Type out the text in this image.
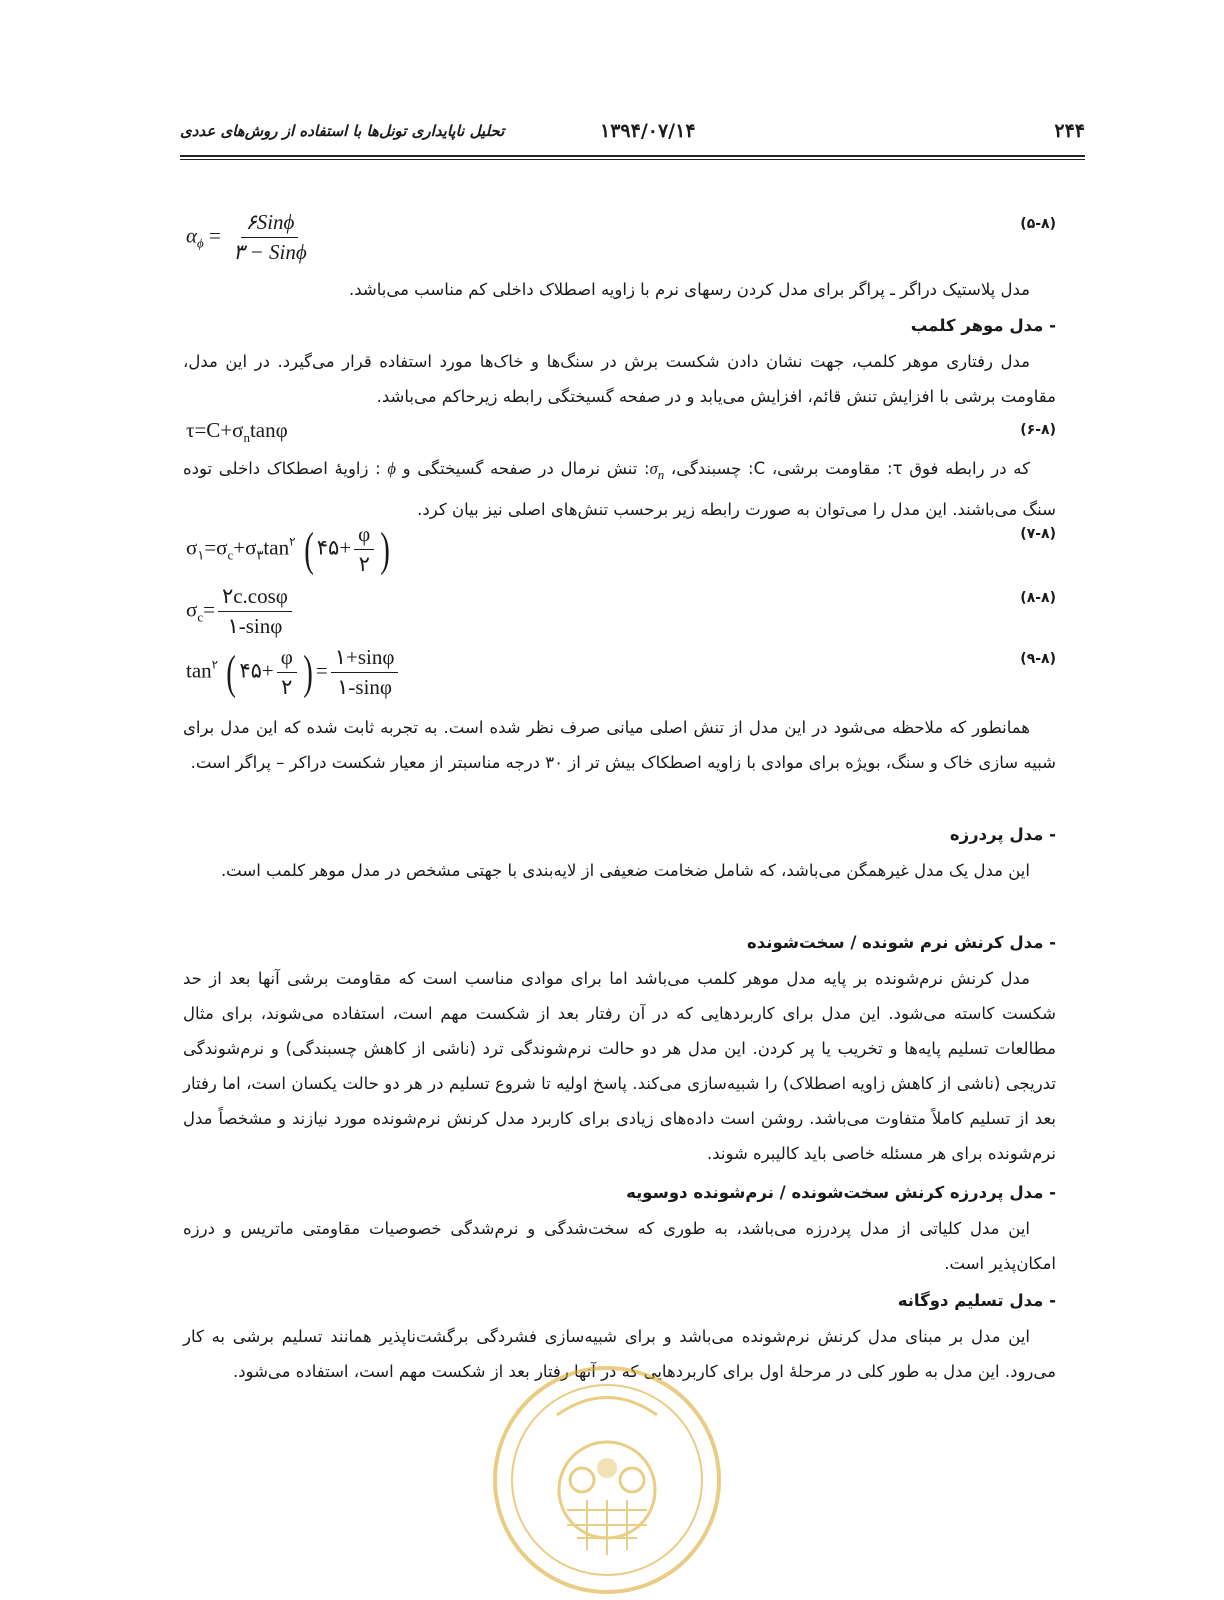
۲۴۴
۱۳۹۴/۰۷/۱۴
تحلیل ناپایداری تونل‌ها با استفاده از روش‌های عددی
$\alpha_\phi = \frac{\text{۶Sinϕ}}{\text{۳ − Sinϕ}}$	(۵-۸)
مدل پلاستیک دراگر ـ پراگر برای مدل کردن رسهای نرم با زاویه اصطلاک داخلی کم مناسب می‌باشد.
- مدل موهر کلمب
مدل رفتاری موهر کلمب، جهت نشان دادن شکست برش در سنگ‌ها و خاک‌ها مورد استفاده قرار می‌گیرد. در این مدل، مقاومت برشی با افزایش تنش قائم، افزایش می‌یابد و در صفحه گسیختگی رابطه زیرحاکم می‌باشد.
$\tau=C+\sigma_n\tan\varphi$	(۶-۸)
که در رابطه فوق τ: مقاومت برشی، C: چسبندگی، $\sigma_n$: تنش نرمال در صفحه گسیختگی و ϕ : زاویهٔ اصطکاک داخلی توده سنگ می‌باشند. این مدل را می‌توان به صورت رابطه زیر برحسب تنش‌های اصلی نیز بیان کرد.
$\sigma_۱=\sigma_c+\sigma_۳\tan^۲$ ( ۴۵+ $\frac{\varphi}{۲}$ )	(۷-۸)
$\sigma_c= \frac{۲c.\cos\varphi}{۱-\sin\varphi}$	(۸-۸)
$\tan^۲$ ( ۴۵+ $\frac{\varphi}{۲}$ ) = $\frac{۱+\sin\varphi}{۱-\sin\varphi}$	(۹-۸)
همانطور که ملاحظه می‌شود در این مدل از تنش اصلی میانی صرف نظر شده است. به تجربه ثابت شده که این مدل برای شبیه سازی خاک و سنگ، بویژه برای موادی با زاویه اصطکاک بیش تر از ۳۰ درجه مناسبتر از معیار شکست دراکر – پراگر است.
- مدل پردرزه
این مدل یک مدل غیرهمگن می‌باشد، که شامل ضخامت ضعیفی از لایه‌بندی با جهتی مشخص در مدل موهر کلمب است.
- مدل کرنش نرم شونده / سخت‌شونده
مدل کرنش نرم‌شونده بر پایه مدل موهر کلمب می‌باشد اما برای موادی مناسب است که مقاومت برشی آنها بعد از حد شکست کاسته می‌شود. این مدل برای کاربردهایی که در آن رفتار بعد از شکست مهم است، استفاده می‌شوند، برای مثال مطالعات تسلیم پایه‌ها و تخریب یا پر کردن. این مدل هر دو حالت نرم‌شوندگی ترد (ناشی از کاهش چسبندگی) و نرم‌شوندگی تدریجی (ناشی از کاهش زاویه اصطلاک) را شبیه‌سازی می‌کند. پاسخ اولیه تا شروع تسلیم در هر دو حالت یکسان است، اما رفتار بعد از تسلیم کاملاً متفاوت می‌باشد. روشن است داده‌های زیادی برای کاربرد مدل کرنش نرم‌شونده مورد نیازند و مشخصاً مدل نرم‌شونده برای هر مسئله خاصی باید کالیبره شوند.
- مدل پردرزه کرنش سخت‌شونده / نرم‌شونده دوسویه
این مدل کلیاتی از مدل پردرزه می‌باشد، به طوری که سخت‌شدگی و نرم‌شدگی خصوصیات مقاومتی ماتریس و درزه امکان‌پذیر است.
- مدل تسلیم دوگانه
این مدل بر مبنای مدل کرنش نرم‌شونده می‌باشد و برای شبیه‌سازی فشردگی برگشت‌ناپذیر همانند تسلیم برشی به کار می‌رود. این مدل به طور کلی در مرحلهٔ اول برای کاربردهایی که در آنها رفتار بعد از شکست مهم است، استفاده می‌شود.
